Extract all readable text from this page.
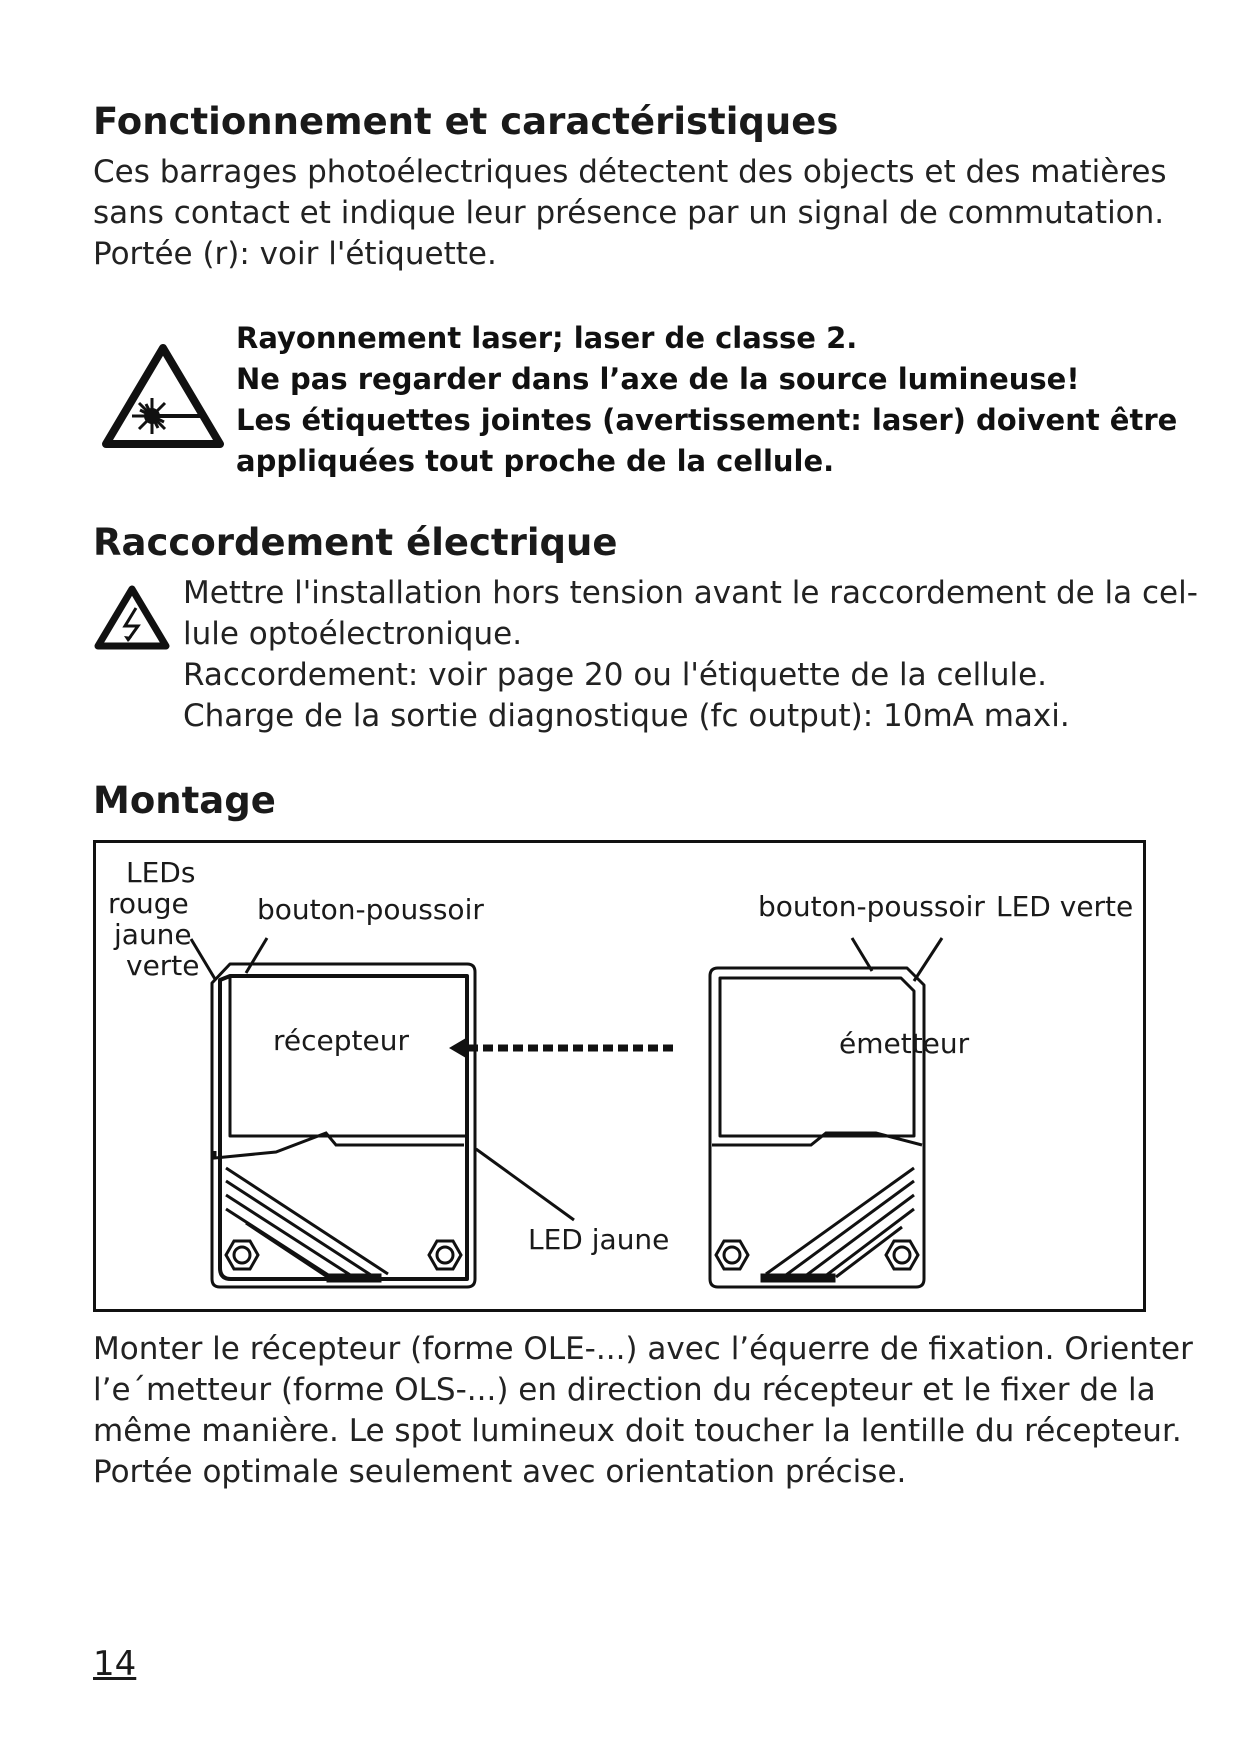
Fonctionnement et caractéristiques
Ces barrages photoélectriques détectent des objects et des matières
sans contact et indique leur présence par un signal de commutation.
Portée (r): voir l'étiquette.
Rayonnement laser; laser de classe 2.
Ne pas regarder dans l’axe de la source lumineuse!
Les étiquettes jointes (avertissement: laser) doivent être
appliquées tout proche de la cellule.
Raccordement électrique
Mettre l'installation hors tension avant le raccordement de la cel-
lule optoélectronique.
Raccordement: voir page 20 ou l'étiquette de la cellule.
Charge de la sortie diagnostique (fc output): 10mA maxi.
Montage
LEDs
rouge
jaune
verte
bouton-poussoir
récepteur	émetteur
bouton-poussoir LED verte
LED jaune
Monter le récepteur (forme OLE-...) avec l’équerre de fixation. Orienter
l’e´metteur (forme OLS-...) en direction du récepteur et le fixer de la
même manière. Le spot lumineux doit toucher la lentille du récepteur.
Portée optimale seulement avec orientation précise.
14
